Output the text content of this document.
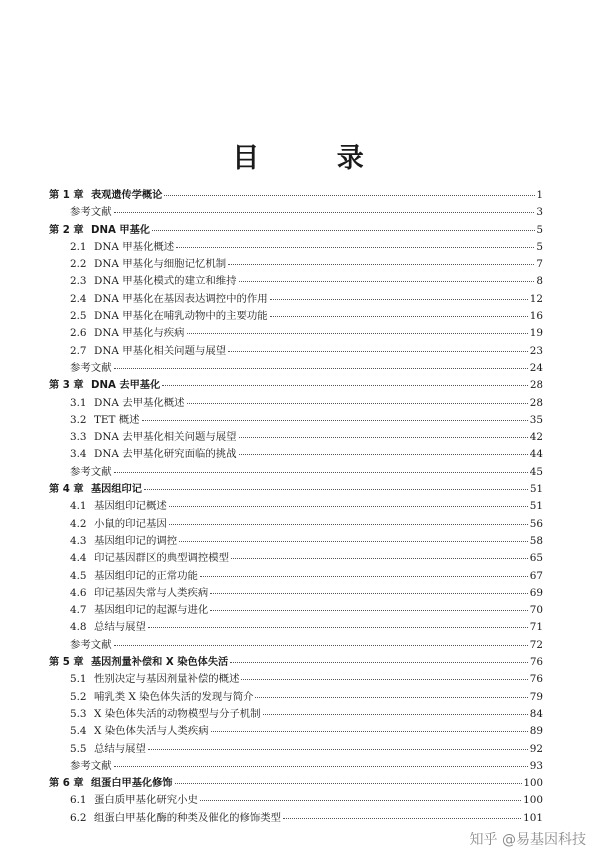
目 录
第 1 章 表观遗传学概论	1
参考文献	3
第 2 章 DNA 甲基化	5
2.1 DNA 甲基化概述	5
2.2 DNA 甲基化与细胞记忆机制	7
2.3 DNA 甲基化模式的建立和维持	8
2.4 DNA 甲基化在基因表达调控中的作用	12
2.5 DNA 甲基化在哺乳动物中的主要功能	16
2.6 DNA 甲基化与疾病	19
2.7 DNA 甲基化相关问题与展望	23
参考文献	24
第 3 章 DNA 去甲基化	28
3.1 DNA 去甲基化概述	28
3.2 TET 概述	35
3.3 DNA 去甲基化相关问题与展望	42
3.4 DNA 去甲基化研究面临的挑战	44
参考文献	45
第 4 章 基因组印记	51
4.1 基因组印记概述	51
4.2 小鼠的印记基因	56
4.3 基因组印记的调控	58
4.4 印记基因群区的典型调控模型	65
4.5 基因组印记的正常功能	67
4.6 印记基因失常与人类疾病	69
4.7 基因组印记的起源与进化	70
4.8 总结与展望	71
参考文献	72
第 5 章 基因剂量补偿和 X 染色体失活	76
5.1 性别决定与基因剂量补偿的概述	76
5.2 哺乳类 X 染色体失活的发现与简介	79
5.3 X 染色体失活的动物模型与分子机制	84
5.4 X 染色体失活与人类疾病	89
5.5 总结与展望	92
参考文献	93
第 6 章 组蛋白甲基化修饰	100
6.1 蛋白质甲基化研究小史	100
6.2 组蛋白甲基化酶的种类及催化的修饰类型	101
知乎 @易基因科技
